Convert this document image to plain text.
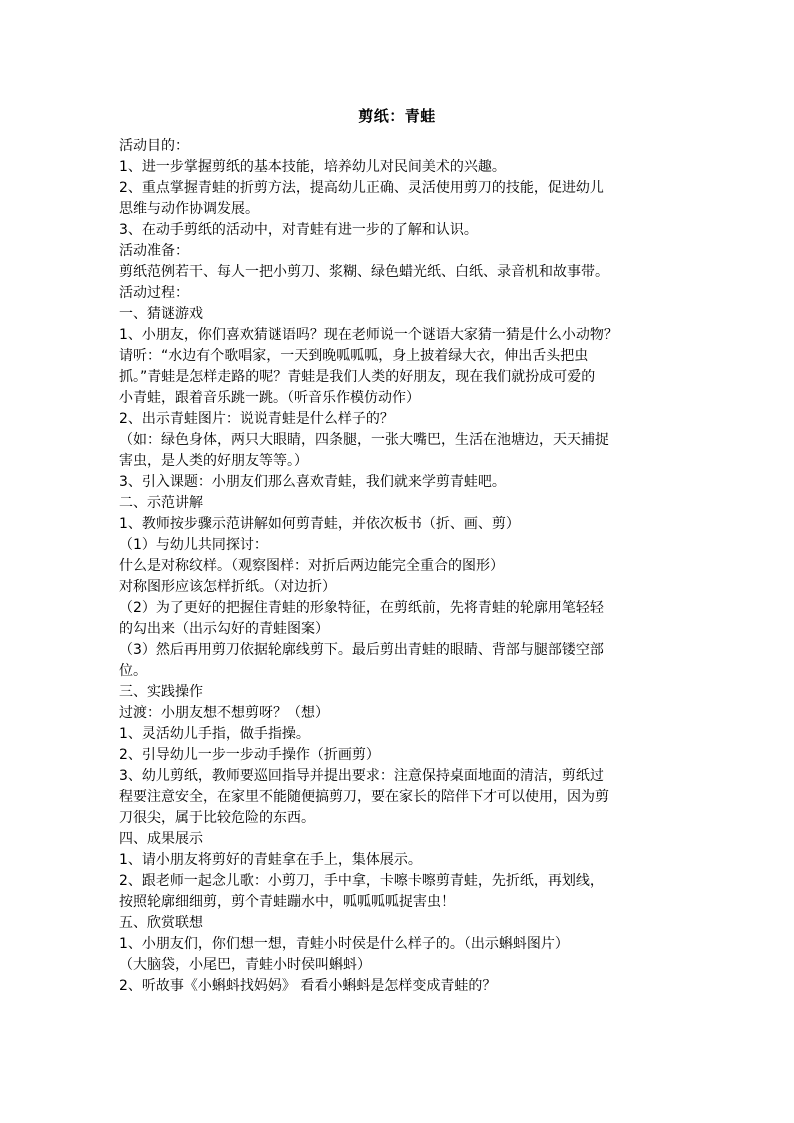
剪纸：青蛙
活动目的：
1、进一步掌握剪纸的基本技能，培养幼儿对民间美术的兴趣。
2、重点掌握青蛙的折剪方法，提高幼儿正确、灵活使用剪刀的技能，促进幼儿
思维与动作协调发展。
3、在动手剪纸的活动中，对青蛙有进一步的了解和认识。
活动准备：
剪纸范例若干、每人一把小剪刀、浆糊、绿色蜡光纸、白纸、录音机和故事带。
活动过程：
一、猜谜游戏
1、小朋友，你们喜欢猜谜语吗？现在老师说一个谜语大家猜一猜是什么小动物？
请听：“水边有个歌唱家，一天到晚呱呱呱，身上披着绿大衣，伸出舌头把虫
抓。”青蛙是怎样走路的呢？青蛙是我们人类的好朋友，现在我们就扮成可爱的
小青蛙，跟着音乐跳一跳。（听音乐作模仿动作）
2、出示青蛙图片：说说青蛙是什么样子的？
（如：绿色身体，两只大眼睛，四条腿，一张大嘴巴，生活在池塘边，天天捕捉
害虫，是人类的好朋友等等。）
3、引入课题：小朋友们那么喜欢青蛙，我们就来学剪青蛙吧。
二、示范讲解
1、教师按步骤示范讲解如何剪青蛙，并依次板书（折、画、剪）
（1）与幼儿共同探讨：
什么是对称纹样。（观察图样：对折后两边能完全重合的图形）
对称图形应该怎样折纸。（对边折）
（2）为了更好的把握住青蛙的形象特征，在剪纸前，先将青蛙的轮廓用笔轻轻
的勾出来（出示勾好的青蛙图案）
（3）然后再用剪刀依据轮廓线剪下。最后剪出青蛙的眼睛、背部与腿部镂空部
位。
三、实践操作
过渡：小朋友想不想剪呀？（想）
1、灵活幼儿手指，做手指操。
2、引导幼儿一步一步动手操作（折画剪）
3、幼儿剪纸，教师要巡回指导并提出要求：注意保持桌面地面的清洁，剪纸过
程要注意安全，在家里不能随便搞剪刀，要在家长的陪伴下才可以使用，因为剪
刀很尖，属于比较危险的东西。
四、成果展示
1、请小朋友将剪好的青蛙拿在手上，集体展示。
2、跟老师一起念儿歌：小剪刀，手中拿，卡嚓卡嚓剪青蛙，先折纸，再划线，
按照轮廓细细剪，剪个青蛙蹦水中，呱呱呱呱捉害虫！
五、欣赏联想
1、小朋友们，你们想一想，青蛙小时侯是什么样子的。（出示蝌蚪图片）
（大脑袋，小尾巴，青蛙小时侯叫蝌蚪）
2、听故事《小蝌蚪找妈妈》 看看小蝌蚪是怎样变成青蛙的？
